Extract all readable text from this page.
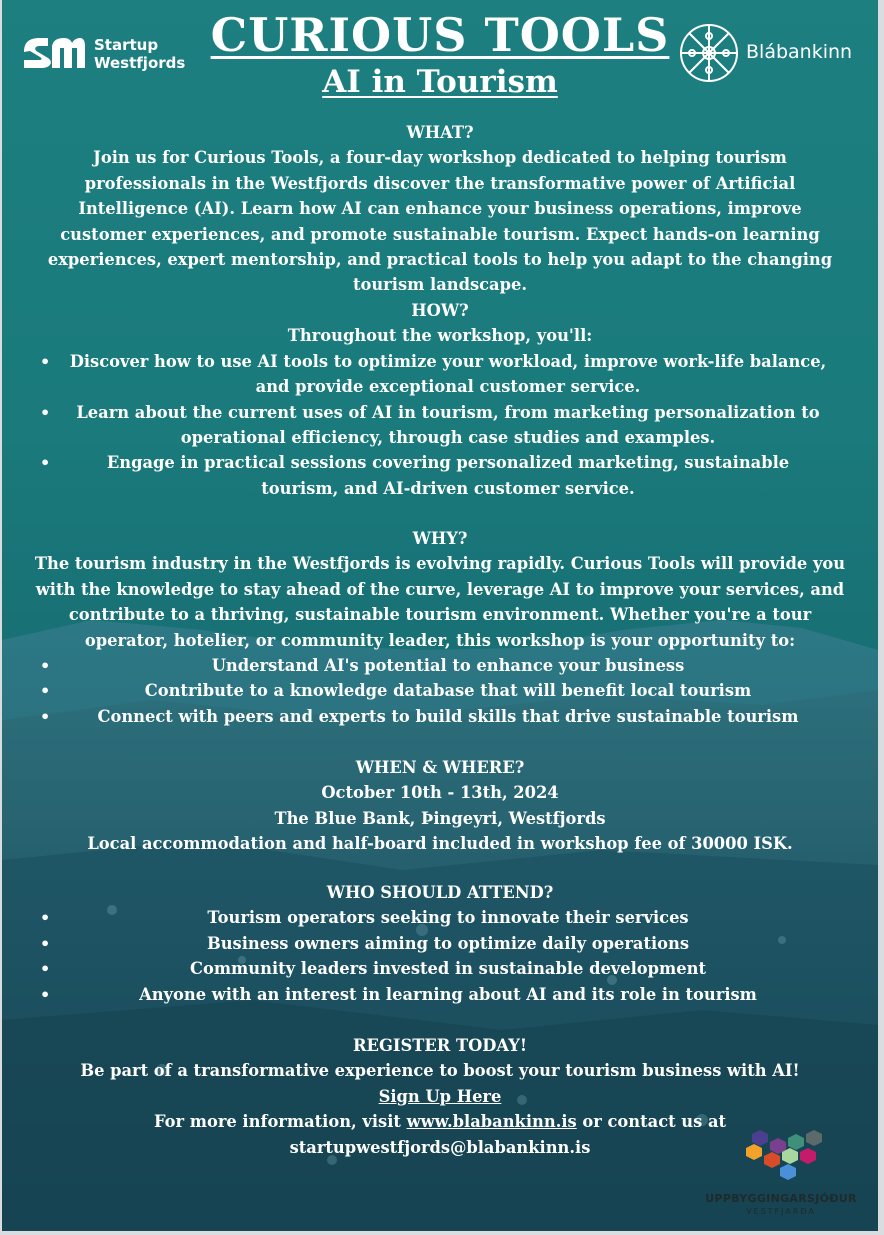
Startup
Westfjords	Blábankinn
CURIOUS TOOLS
AI in Tourism

WHAT?

Join us for Curious Tools, a four-day workshop dedicated to helping tourism professionals in the Westfjords discover the transformative power of Artificial Intelligence (AI). Learn how AI can enhance your business operations, improve customer experiences, and promote sustainable tourism. Expect hands-on learning experiences, expert mentorship, and practical tools to help you adapt to the changing tourism landscape.

HOW?

Throughout the workshop, you'll:

• Discover how to use AI tools to optimize your workload, improve work-life balance, and provide exceptional customer service.
• Learn about the current uses of AI in tourism, from marketing personalization to operational efficiency, through case studies and examples.
• Engage in practical sessions covering personalized marketing, sustainable tourism, and AI-driven customer service.

WHY?

The tourism industry in the Westfjords is evolving rapidly. Curious Tools will provide you with the knowledge to stay ahead of the curve, leverage AI to improve your services, and contribute to a thriving, sustainable tourism environment. Whether you're a tour operator, hotelier, or community leader, this workshop is your opportunity to:

• Understand AI's potential to enhance your business
• Contribute to a knowledge database that will benefit local tourism
• Connect with peers and experts to build skills that drive sustainable tourism

WHEN & WHERE?

October 10th - 13th, 2024

The Blue Bank, Þingeyri, Westfjords

Local accommodation and half-board included in workshop fee of 30000 ISK.

WHO SHOULD ATTEND?

• Tourism operators seeking to innovate their services
• Business owners aiming to optimize daily operations
• Community leaders invested in sustainable development
• Anyone with an interest in learning about AI and its role in tourism

REGISTER TODAY!

Be part of a transformative experience to boost your tourism business with AI!

Sign Up Here

For more information, visit www.blabankinn.is or contact us at

startupwestfjords@blabankinn.is

UPPBYGGINGARSJÓÐUR
VESTFJARÐA
